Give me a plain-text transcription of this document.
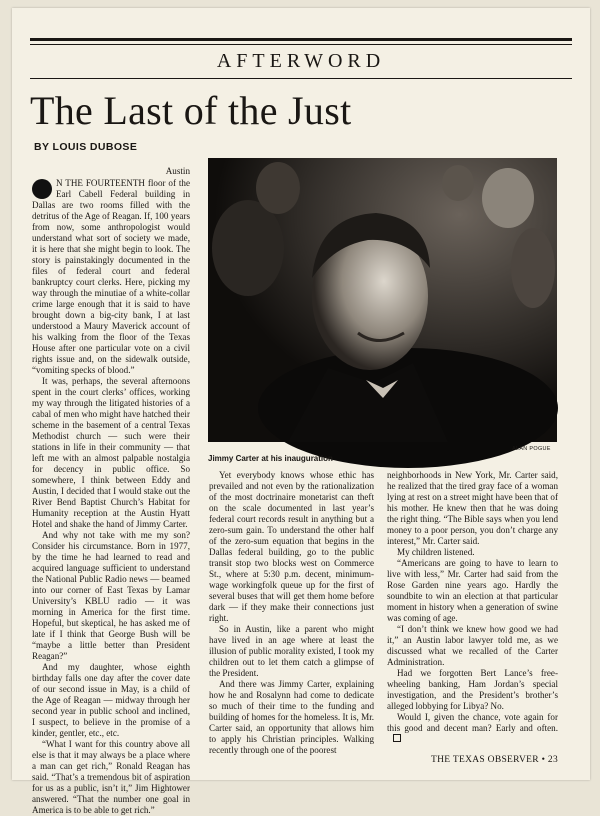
AFTERWORD
The Last of the Just
BY LOUIS DUBOSE
Austin

N THE FOURTEENTH floor of the Earl Cabell Federal building in Dallas are two rooms filled with the detritus of the Age of Reagan. If, 100 years from now, some anthropologist would understand what sort of society we made, it is here that she might begin to look. The story is painstakingly documented in the files of federal court and federal bankruptcy court clerks. Here, picking my way through the minutiae of a white-collar crime large enough that it is said to have brought down a big-city bank, I at last understood a Maury Maverick account of his walking from the floor of the Texas House after one particular vote on a civil rights issue and, on the sidewalk outside, “vomiting specks of blood.”

It was, perhaps, the several afternoons spent in the court clerks’ offices, working my way through the litigated histories of a cabal of men who might have hatched their scheme in the basement of a central Texas Methodist church — such were their stations in life in their community — that left me with an almost palpable nostalgia for decency in public office. So somewhere, I think between Eddy and Austin, I decided that I would stake out the River Bend Baptist Church’s Habitat for Humanity reception at the Austin Hyatt Hotel and shake the hand of Jimmy Carter.

And why not take with me my son? Consider his circumstance. Born in 1977, by the time he had learned to read and acquired language sufficient to understand the National Public Radio news — beamed into our corner of East Texas by Lamar University’s KBLU radio — it was morning in America for the first time. Hopeful, but skeptical, he has asked me of late if I think that George Bush will be “maybe a little better than President Reagan?”

And my daughter, whose eighth birthday falls one day after the cover date of our second issue in May, is a child of the Age of Reagan — midway through her second year in public school and inclined, I suspect, to believe in the promise of a kinder, gentler, etc., etc.

“What I want for this country above all else is that it may always be a place where a man can get rich,” Ronald Reagan has said. “That’s a tremendous bit of aspiration for us as a public, isn’t it,” Jim Hightower answered. “That the number one goal in America is to be able to get rich.”

ALAN POGUE
Jimmy Carter at his inauguration

Yet everybody knows whose ethic has prevailed and not even by the rationalization of the most doctrinaire monetarist can theft on the scale documented in last year’s federal court records result in anything but a zero-sum gain. To understand the other half of the zero-sum equation that begins in the Dallas federal building, go to the public transit stop two blocks west on Commerce St., where at 5:30 p.m. decent, minimum-wage workingfolk queue up for the first of several buses that will get them home before dark — if they make their connections just right.

So in Austin, like a parent who might have lived in an age where at least the illusion of public morality existed, I took my children out to let them catch a glimpse of the President.

And there was Jimmy Carter, explaining how he and Rosalynn had come to dedicate so much of their time to the funding and building of homes for the homeless. It is, Mr. Carter said, an opportunity that allows him to apply his Christian principles. Walking recently through one of the poorest

neighborhoods in New York, Mr. Carter said, he realized that the tired gray face of a woman lying at rest on a street might have been that of his mother. He knew then that he was doing the right thing. “The Bible says when you lend money to a poor person, you don’t charge any interest,” Mr. Carter said.

My children listened.

“Americans are going to have to learn to live with less,” Mr. Carter had said from the Rose Garden nine years ago. Hardly the soundbite to win an election at that particular moment in history when a generation of swine was coming of age.

“I don’t think we knew how good we had it,” an Austin labor lawyer told me, as we discussed what we recalled of the Carter Administration.

Had we forgotten Bert Lance’s free-wheeling banking, Ham Jordan’s special investigation, and the President’s brother’s alleged lobbying for Libya? No.

Would I, given the chance, vote again for this good and decent man? Early and often.

THE TEXAS OBSERVER • 23
